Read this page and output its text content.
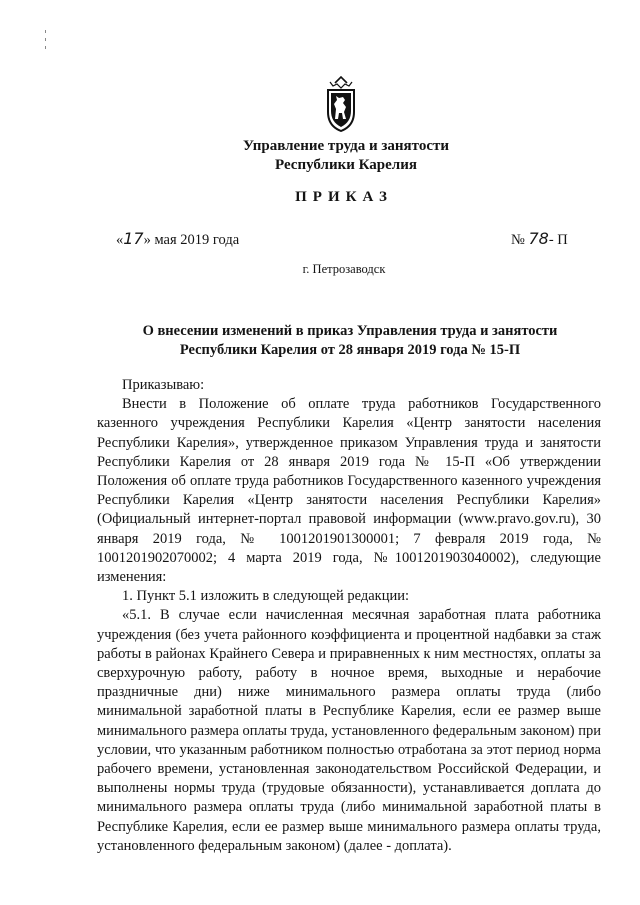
Управление труда и занятости
Республики Карелия
ПРИКАЗ
«17» мая 2019 года	№ 78- П
г. Петрозаводск
О внесении изменений в приказ Управления труда и занятости
Республики Карелия от 28 января 2019 года № 15-П

Приказываю:

Внести в Положение об оплате труда работников Государственного казенного учреждения Республики Карелия «Центр занятости населения Республики Карелия», утвержденное приказом Управления труда и занятости Республики Карелия от 28 января 2019 года № 15-П «Об утверждении Положения об оплате труда работников Государственного казенного учреждения Республики Карелия «Центр занятости населения Республики Карелия» (Официальный интернет-портал правовой информации (www.pravo.gov.ru), 30 января 2019 года, № 1001201901300001; 7 февраля 2019 года, № 1001201902070002; 4 марта 2019 года, №1001201903040002), следующие изменения:

1. Пункт 5.1 изложить в следующей редакции:

«5.1. В случае если начисленная месячная заработная плата работника учреждения (без учета районного коэффициента и процентной надбавки за стаж работы в районах Крайнего Севера и приравненных к ним местностях, оплаты за сверхурочную работу, работу в ночное время, выходные и нерабочие праздничные дни) ниже минимального размера оплаты труда (либо минимальной заработной платы в Республике Карелия, если ее размер выше минимального размера оплаты труда, установленного федеральным законом) при условии, что указанным работником полностью отработана за этот период норма рабочего времени, установленная законодательством Российской Федерации, и выполнены нормы труда (трудовые обязанности), устанавливается доплата до минимального размера оплаты труда (либо минимальной заработной платы в Республике Карелия, если ее размер выше минимального размера оплаты труда, установленного федеральным законом) (далее - доплата).
